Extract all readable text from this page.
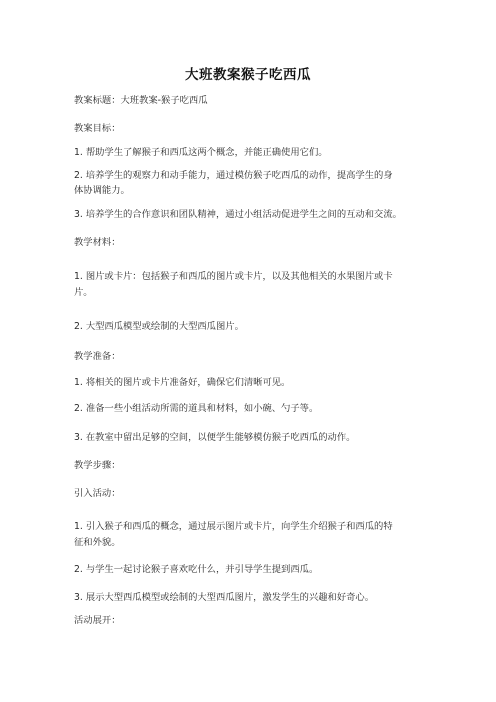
大班教案猴子吃西瓜
教案标题：大班教案-猴子吃西瓜
教案目标：
1. 帮助学生了解猴子和西瓜这两个概念，并能正确使用它们。
2. 培养学生的观察力和动手能力，通过模仿猴子吃西瓜的动作，提高学生的身
体协调能力。
3. 培养学生的合作意识和团队精神，通过小组活动促进学生之间的互动和交流。
教学材料：
1. 图片或卡片：包括猴子和西瓜的图片或卡片，以及其他相关的水果图片或卡
片。
2. 大型西瓜模型或绘制的大型西瓜图片。
教学准备：
1. 将相关的图片或卡片准备好，确保它们清晰可见。
2. 准备一些小组活动所需的道具和材料，如小碗、勺子等。
3. 在教室中留出足够的空间，以便学生能够模仿猴子吃西瓜的动作。
教学步骤：
引入活动：
1. 引入猴子和西瓜的概念，通过展示图片或卡片，向学生介绍猴子和西瓜的特
征和外貌。
2. 与学生一起讨论猴子喜欢吃什么，并引导学生提到西瓜。
3. 展示大型西瓜模型或绘制的大型西瓜图片，激发学生的兴趣和好奇心。
活动展开：
